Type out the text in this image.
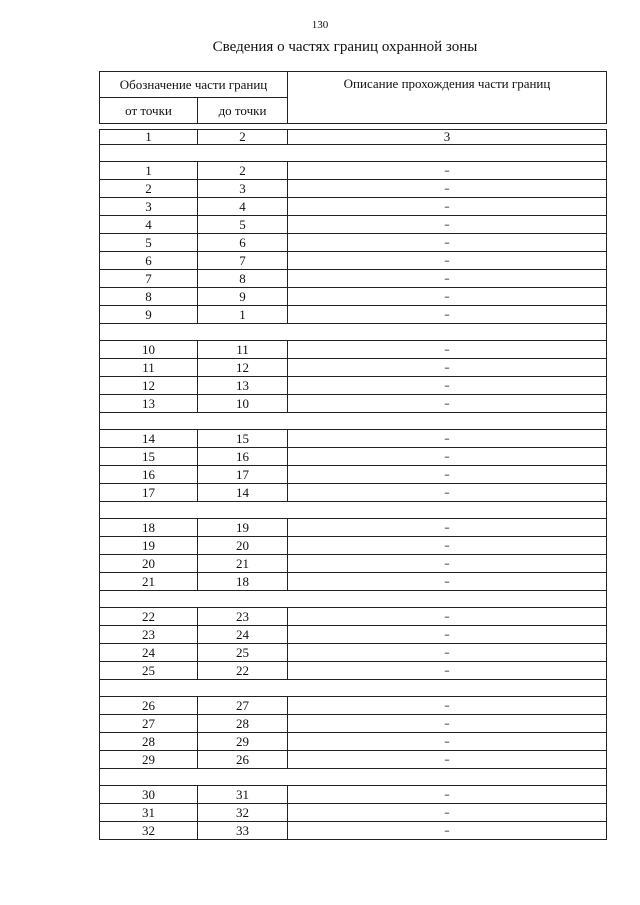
130
Сведения о частях границ охранной зоны
Обозначение части границ		Описание прохождения части границ
от точки	до точки	

1	2	3

1	2	–
2	3	–
3	4	–
4	5	–
5	6	–
6	7	–
7	8	–
8	9	–
9	1	–

10	11	–
11	12	–
12	13	–
13	10	–

14	15	–
15	16	–
16	17	–
17	14	–

18	19	–
19	20	–
20	21	–
21	18	–

22	23	–
23	24	–
24	25	–
25	22	–

26	27	–
27	28	–
28	29	–
29	26	–

30	31	–
31	32	–
32	33	–
